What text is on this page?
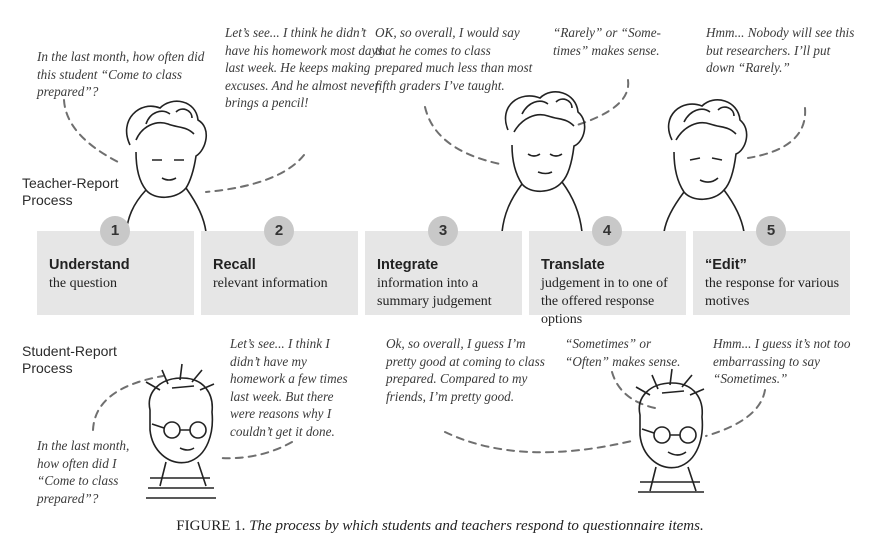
In the last month, how often did this student “Come to class prepared”?

Let’s see... I think he didn’t have his homework most days last week. He keeps making excuses. And he almost never brings a pencil!

OK, so overall, I would say that he comes to class prepared much less than most fifth graders I’ve taught.

“Rarely” or “Some-times” makes sense.

Hmm... Nobody will see this but researchers. I’ll put down “Rarely.”

Teacher-Report Process
Understand
the question
Recall
relevant information
Integrate
information into a summary judgement
Translate
judgement in to one of the offered response options
“Edit”
the response for various motives
1	2	3	4	5
Student-Report Process

In the last month, how often did I “Come to class prepared”?

Let’s see... I think I didn’t have my homework a few times last week. But there were reasons why I couldn’t get it done.

Ok, so overall, I guess I’m pretty good at coming to class prepared. Compared to my friends, I’m pretty good.

“Sometimes” or “Often” makes sense.

Hmm... I guess it’s not too embarrassing to say “Sometimes.”

FIGURE 1. The process by which students and teachers respond to questionnaire items.
